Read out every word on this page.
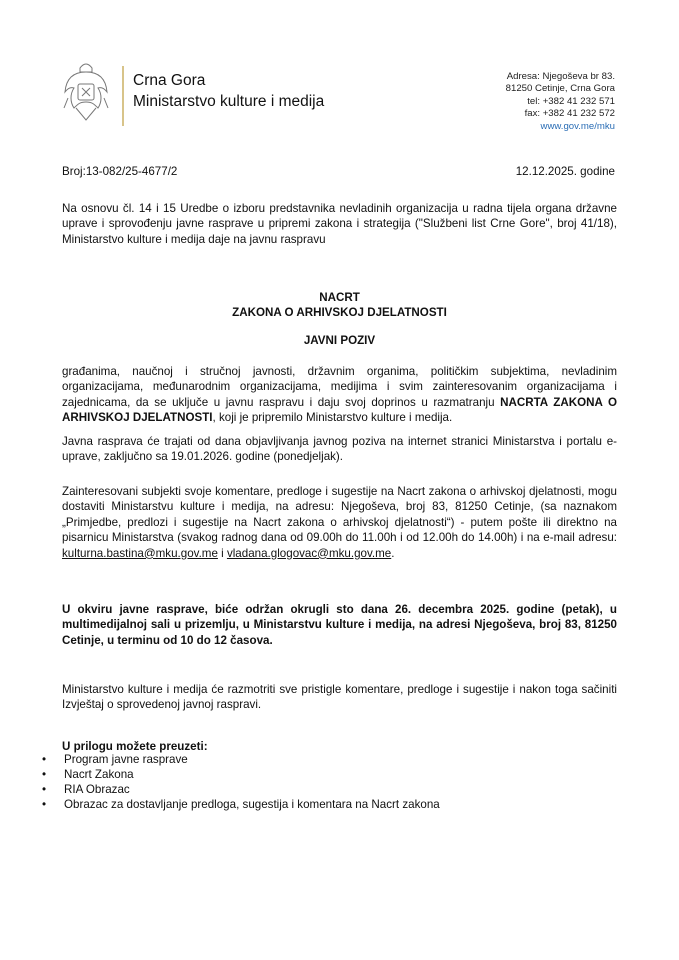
Crna Gora
Ministarstvo kulture i medija
Adresa: Njegoševa br 83.
81250 Cetinje, Crna Gora
tel: +382 41 232 571
fax: +382 41 232 572
www.gov.me/mku
Broj:13-082/25-4677/2	12.12.2025. godine
Na osnovu čl. 14 i 15 Uredbe o izboru predstavnika nevladinih organizacija u radna tijela organa državne uprave i sprovođenju javne rasprave u pripremi zakona i strategija ("Službeni list Crne Gore", broj 41/18), Ministarstvo kulture i medija daje na javnu raspravu
NACRT
ZAKONA O ARHIVSKOJ DJELATNOSTI
JAVNI POZIV
građanima, naučnoj i stručnoj javnosti, državnim organima, političkim subjektima, nevladinim organizacijama, međunarodnim organizacijama, medijima i svim zainteresovanim organizacijama i zajednicama, da se uključe u javnu raspravu i daju svoj doprinos u razmatranju NACRTA ZAKONA O ARHIVSKOJ DJELATNOSTI, koji je pripremilo Ministarstvo kulture i medija.
Javna rasprava će trajati od dana objavljivanja javnog poziva na internet stranici Ministarstva i portalu e-uprave, zaključno sa 19.01.2026. godine (ponedjeljak).
Zainteresovani subjekti svoje komentare, predloge i sugestije na Nacrt zakona o arhivskoj djelatnosti, mogu dostaviti Ministarstvu kulture i medija, na adresu: Njegoševa, broj 83, 81250 Cetinje, (sa naznakom „Primjedbe, predlozi i sugestije na Nacrt zakona o arhivskoj djelatnosti“) - putem pošte ili direktno na pisarnicu Ministarstva (svakog radnog dana od 09.00h do 11.00h i od 12.00h do 14.00h) i na e-mail adresu: kulturna.bastina@mku.gov.me i vladana.glogovac@mku.gov.me.
U okviru javne rasprave, biće održan okrugli sto dana 26. decembra 2025. godine (petak), u multimedijalnoj sali u prizemlju, u Ministarstvu kulture i medija, na adresi Njegoševa, broj 83, 81250 Cetinje, u terminu od 10 do 12 časova.
Ministarstvo kulture i medija će razmotriti sve pristigle komentare, predloge i sugestije i nakon toga sačiniti Izvještaj o sprovedenoj javnoj raspravi.
U prilogu možete preuzeti:
• Program javne rasprave
• Nacrt Zakona
• RIA Obrazac
• Obrazac za dostavljanje predloga, sugestija i komentara na Nacrt zakona
